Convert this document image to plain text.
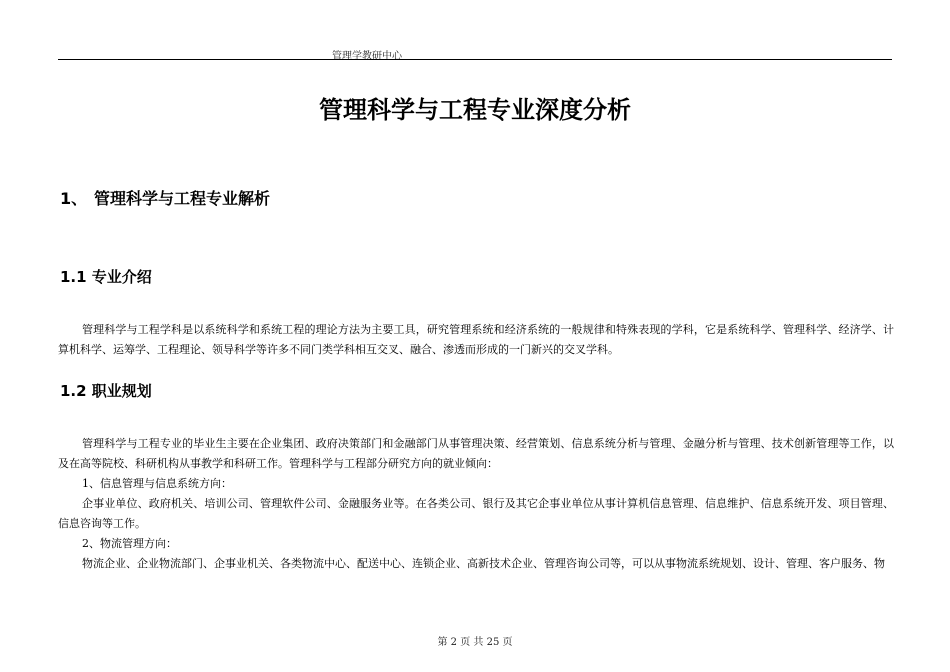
管理学教研中心
管理科学与工程专业深度分析
1、 管理科学与工程专业解析
1.1 专业介绍
管理科学与工程学科是以系统科学和系统工程的理论方法为主要工具，研究管理系统和经济系统的一般规律和特殊表现的学科，它是系统科学、管理科学、经济学、计算机科学、运筹学、工程理论、领导科学等许多不同门类学科相互交叉、融合、渗透而形成的一门新兴的交叉学科。
1.2 职业规划
管理科学与工程专业的毕业生主要在企业集团、政府决策部门和金融部门从事管理决策、经营策划、信息系统分析与管理、金融分析与管理、技术创新管理等工作，以及在高等院校、科研机构从事教学和科研工作。管理科学与工程部分研究方向的就业倾向：
1、信息管理与信息系统方向：
企事业单位、政府机关、培训公司、管理软件公司、金融服务业等。在各类公司、银行及其它企事业单位从事计算机信息管理、信息维护、信息系统开发、项目管理、信息咨询等工作。
2、物流管理方向：
物流企业、企业物流部门、企事业机关、各类物流中心、配送中心、连锁企业、高新技术企业、管理咨询公司等，可以从事物流系统规划、设计、管理、客户服务、物
第 2 页 共 25 页
